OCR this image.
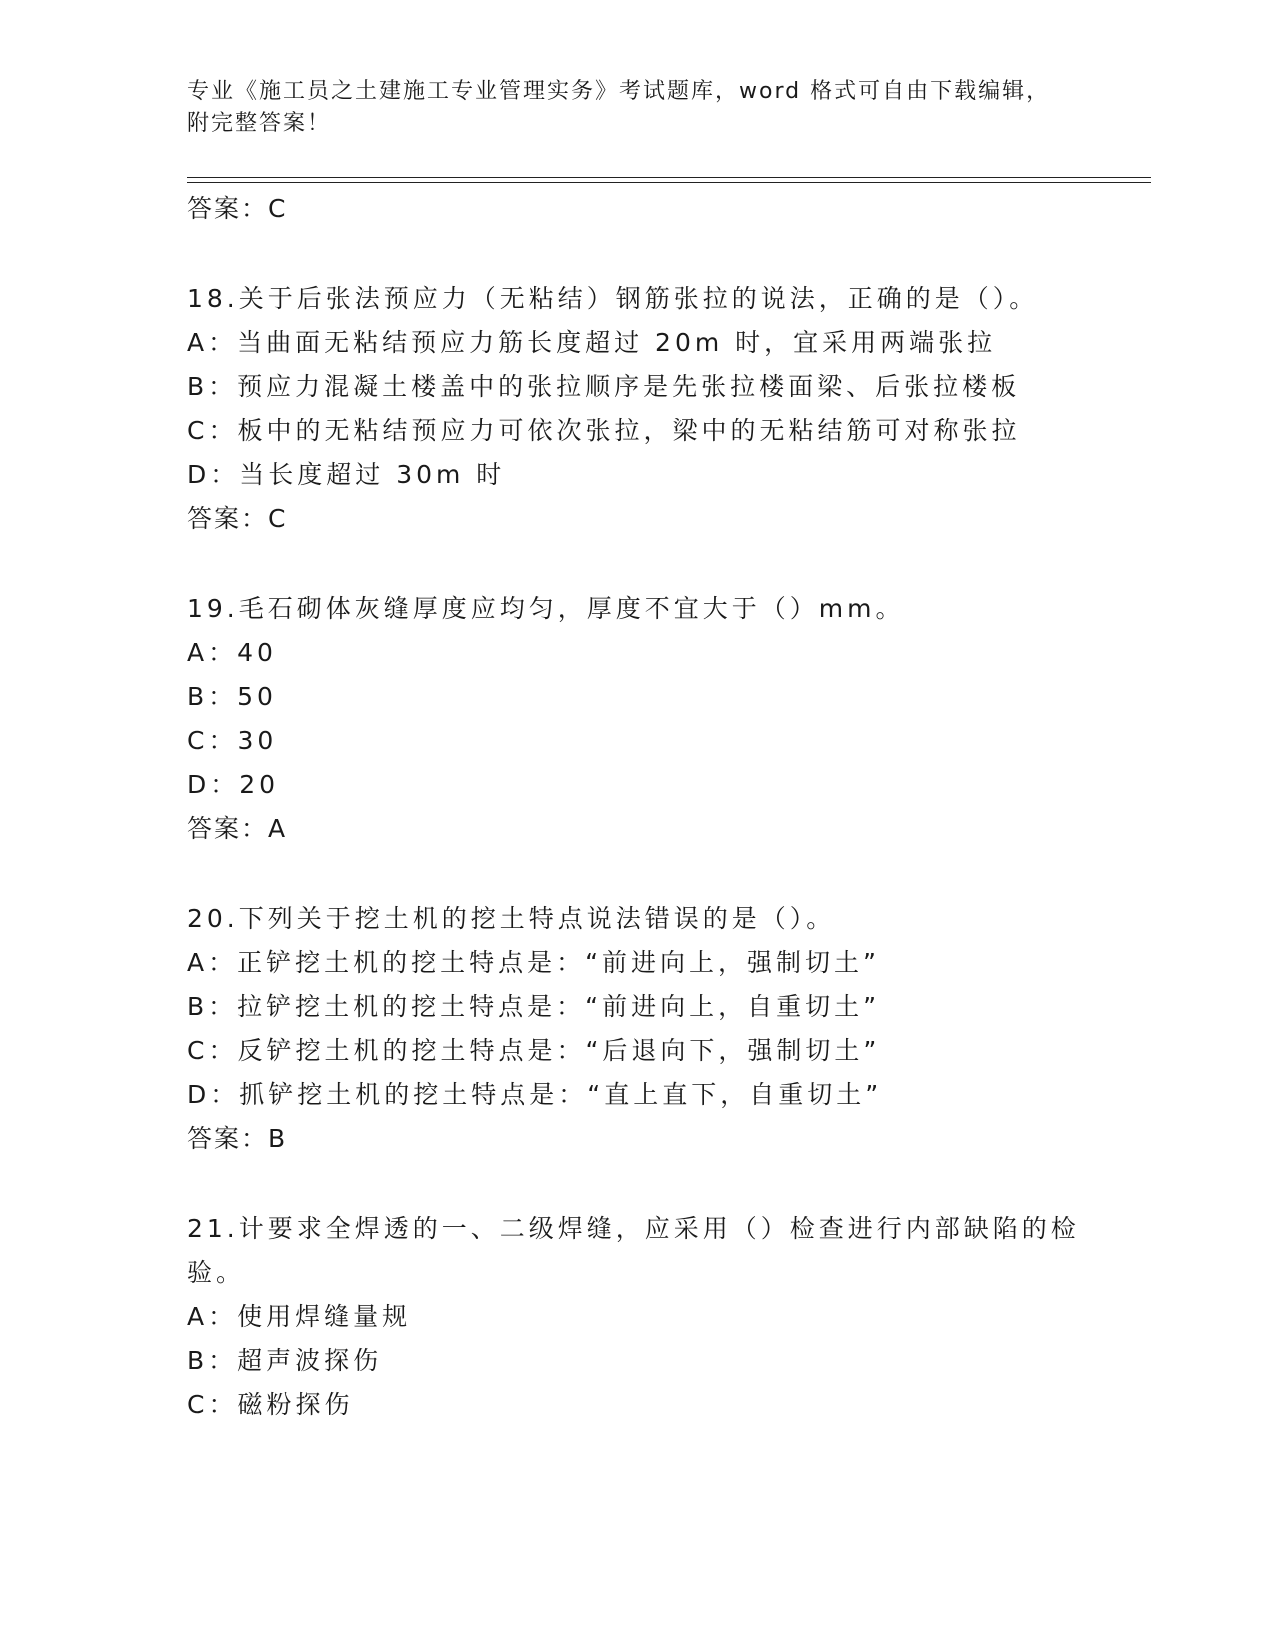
专业《施工员之土建施工专业管理实务》考试题库，word 格式可自由下载编辑，
附完整答案！
答案：C
18.关于后张法预应力（无粘结）钢筋张拉的说法，正确的是（）。
A：当曲面无粘结预应力筋长度超过 20m 时，宜采用两端张拉
B：预应力混凝土楼盖中的张拉顺序是先张拉楼面梁、后张拉楼板
C：板中的无粘结预应力可依次张拉，梁中的无粘结筋可对称张拉
D：当长度超过 30m 时
答案：C
19.毛石砌体灰缝厚度应均匀，厚度不宜大于（）mm。
A：40
B：50
C：30
D：20
答案：A
20.下列关于挖土机的挖土特点说法错误的是（）。
A：正铲挖土机的挖土特点是：“前进向上，强制切土”
B：拉铲挖土机的挖土特点是：“前进向上，自重切土”
C：反铲挖土机的挖土特点是：“后退向下，强制切土”
D：抓铲挖土机的挖土特点是：“直上直下，自重切土”
答案：B
21.计要求全焊透的一、二级焊缝，应采用（）检查进行内部缺陷的检
验。
A：使用焊缝量规
B：超声波探伤
C：磁粉探伤
